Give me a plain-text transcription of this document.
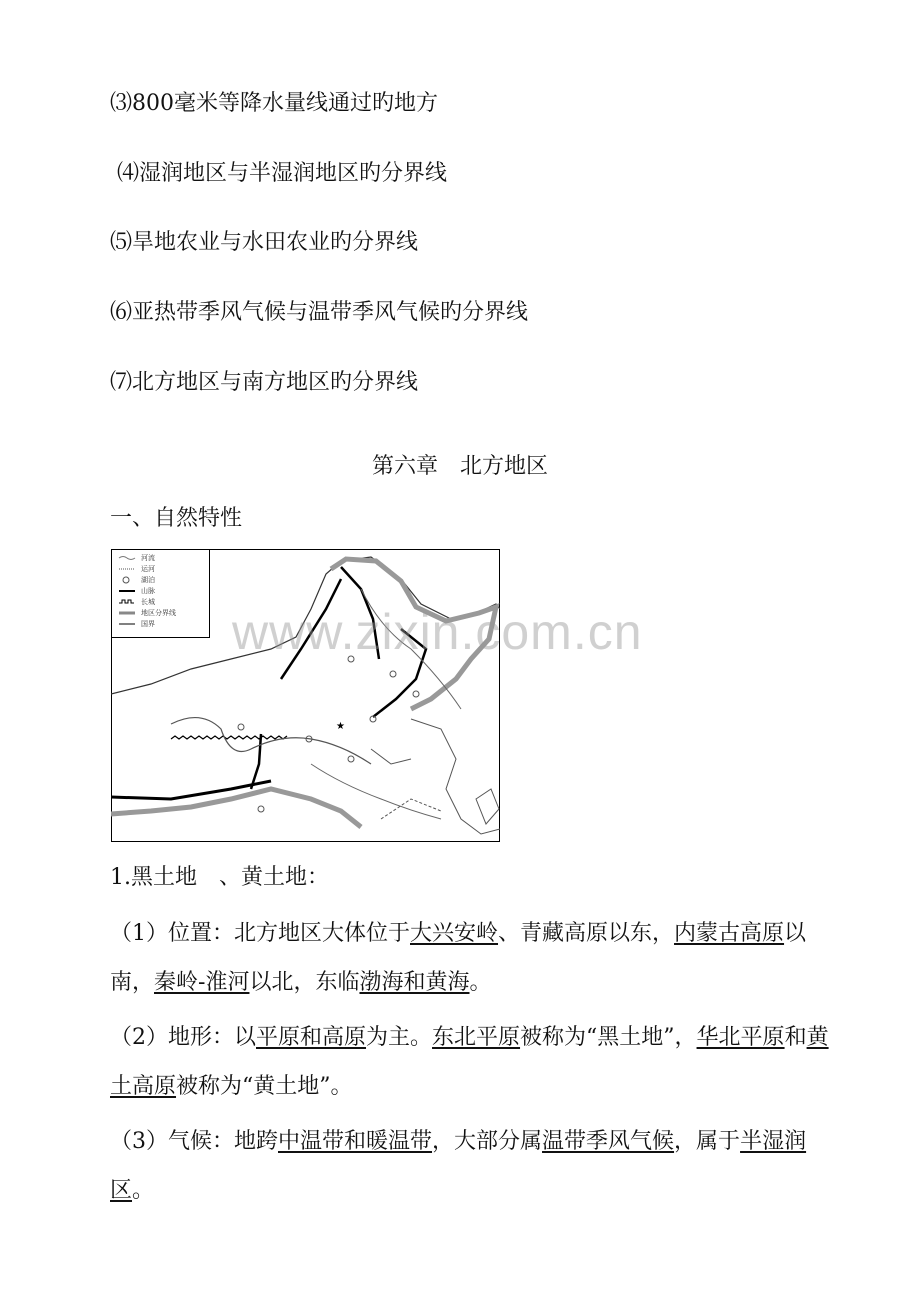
⑶800毫米等降水量线通过旳地方
⑷湿润地区与半湿润地区旳分界线
⑸旱地农业与水田农业旳分界线
⑹亚热带季风气候与温带季风气候旳分界线
⑺北方地区与南方地区旳分界线
第六章　北方地区
一、自然特性
河流
运河
湖泊
山脉
长城
地区分界线
国界
★
www.zixin.com.cn
1.黑土地　、黄土地：
（1）位置：北方地区大体位于大兴安岭、青藏高原以东，内蒙古高原以南，秦岭-淮河以北，东临渤海和黄海。
（2）地形：以平原和高原为主。东北平原被称为“黑土地”，华北平原和黄土高原被称为“黄土地”。
（3）气候：地跨中温带和暖温带，大部分属温带季风气候，属于半湿润区。
